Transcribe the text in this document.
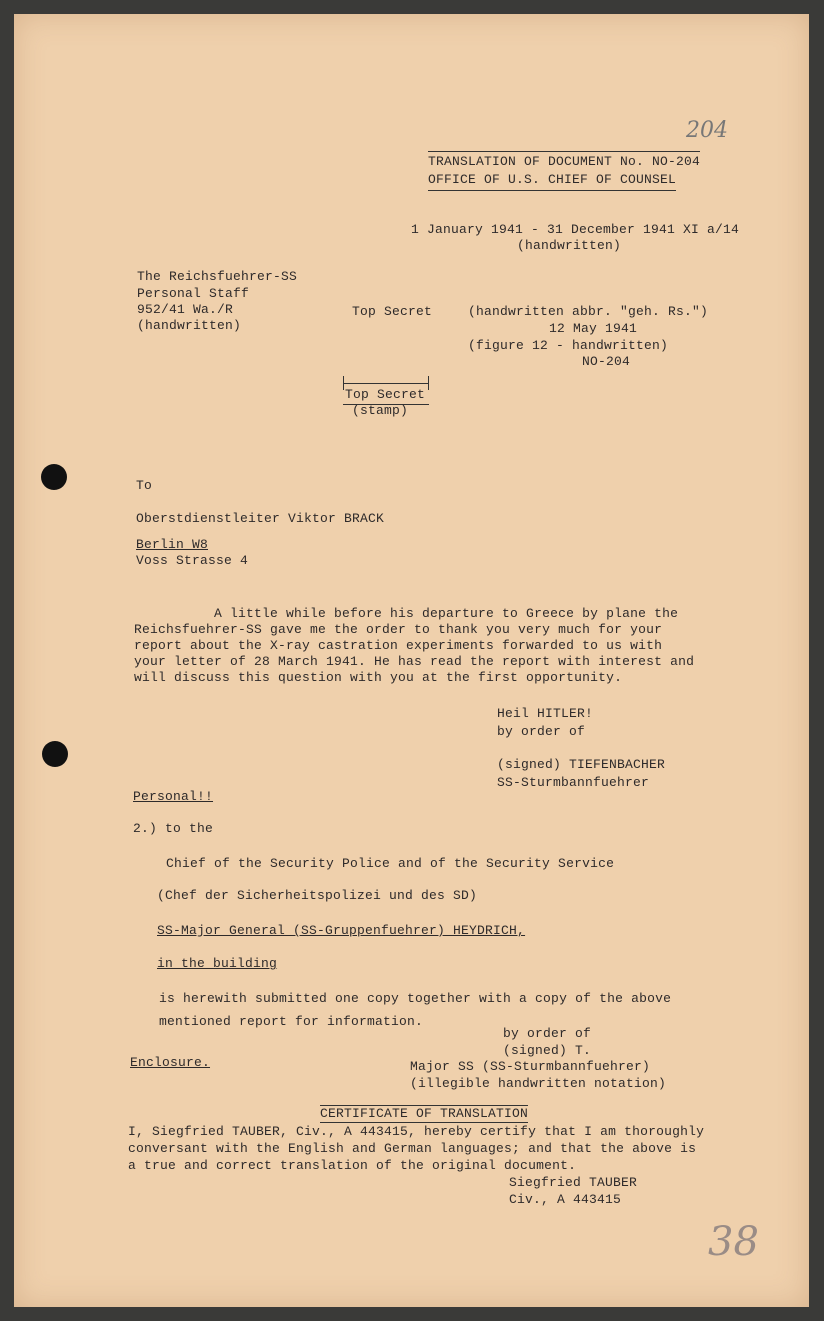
204

TRANSLATION OF DOCUMENT No. NO-204

OFFICE OF U.S. CHIEF OF COUNSEL

1 January 1941 - 31 December 1941 XI a/14

(handwritten)

The Reichsfuehrer-SS

Personal Staff

952/41 Wa./R

(handwritten)

Top Secret	(handwritten abbr. "geh. Rs.")

12 May 1941

(figure 12 - handwritten)

NO-204

Top Secret

(stamp)

To

Oberstdienstleiter Viktor BRACK

Berlin W8

Voss Strasse 4

A little while before his departure to Greece by plane the

Reichsfuehrer-SS gave me the order to thank you very much for your

report about the X-ray castration experiments forwarded to us with

your letter of 28 March 1941. He has read the report with interest and

will discuss this question with you at the first opportunity.

Heil HITLER!

by order of

(signed) TIEFENBACHER

SS-Sturmbannfuehrer

Personal!!

2.) to the

Chief of the Security Police and of the Security Service

(Chef der Sicherheitspolizei und des SD)

SS-Major General (SS-Gruppenfuehrer) HEYDRICH,

in the building

is herewith submitted one copy together with a copy of the above

mentioned report for information.

by order of

(signed) T.

Enclosure.	Major SS (SS-Sturmbannfuehrer)

(illegible handwritten notation)

CERTIFICATE OF TRANSLATION

I, Siegfried TAUBER, Civ., A 443415, hereby certify that I am thoroughly

conversant with the English and German languages; and that the above is

a true and correct translation of the original document.

Siegfried TAUBER

Civ., A 443415

38
